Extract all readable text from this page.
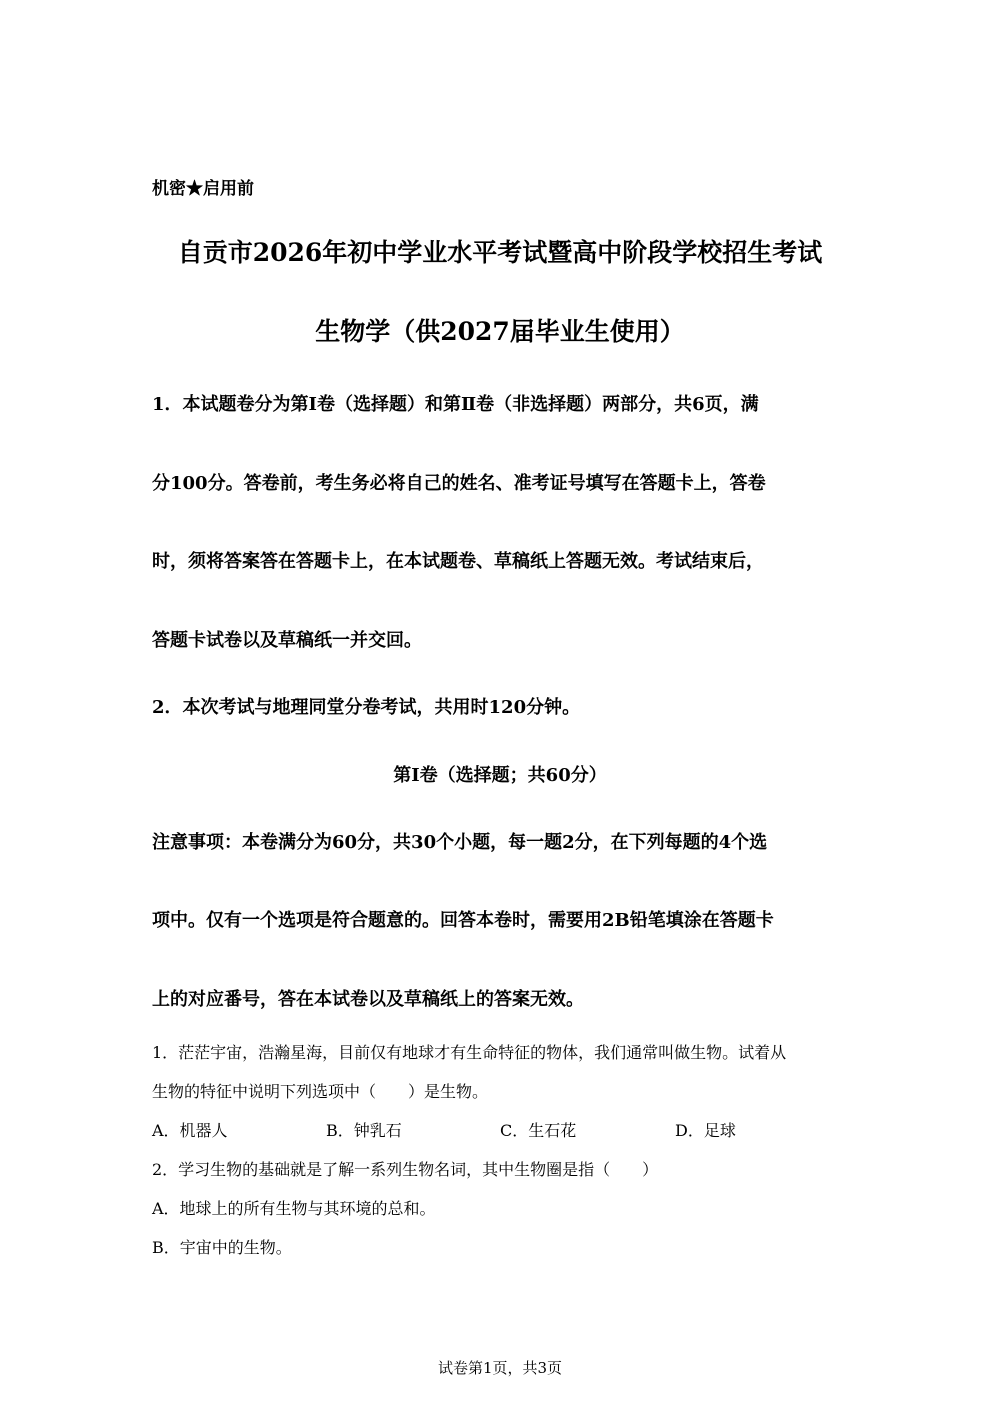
机密★启用前
自贡市2026年初中学业水平考试暨高中阶段学校招生考试
生物学（供2027届毕业生使用）
1．本试题卷分为第Ⅰ卷（选择题）和第Ⅱ卷（非选择题）两部分，共6页，满
分100分。答卷前，考生务必将自己的姓名、准考证号填写在答题卡上，答卷
时，须将答案答在答题卡上，在本试题卷、草稿纸上答题无效。考试结束后，
答题卡试卷以及草稿纸一并交回。
2．本次考试与地理同堂分卷考试，共用时120分钟。
第Ⅰ卷（选择题；共60分）
注意事项：本卷满分为60分，共30个小题，每一题2分，在下列每题的4个选
项中。仅有一个选项是符合题意的。回答本卷时，需要用2B铅笔填涂在答题卡
上的对应番号，答在本试卷以及草稿纸上的答案无效。
1．茫茫宇宙，浩瀚星海，目前仅有地球才有生命特征的物体，我们通常叫做生物。试着从
生物的特征中说明下列选项中（　　）是生物。
A．机器人	B．钟乳石	C．生石花	D．足球
2．学习生物的基础就是了解一系列生物名词，其中生物圈是指（　　）
A．地球上的所有生物与其环境的总和。
B．宇宙中的生物。
试卷第1页，共3页
